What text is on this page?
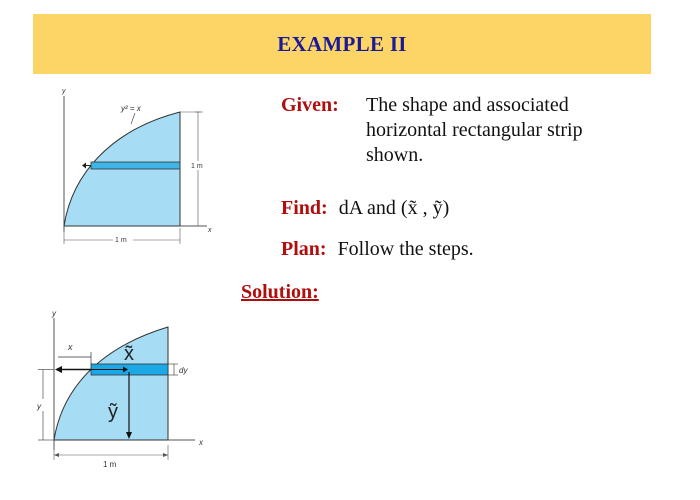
EXAMPLE II
y
x
y² = x
1 m
1 m
y
x
x	x̃
ỹ
dy
y
1 m
Given:	The shape and associated horizontal rectangular strip shown.
Find: dA and (x̃ , ỹ)
Plan: Follow the steps.
Solution:
